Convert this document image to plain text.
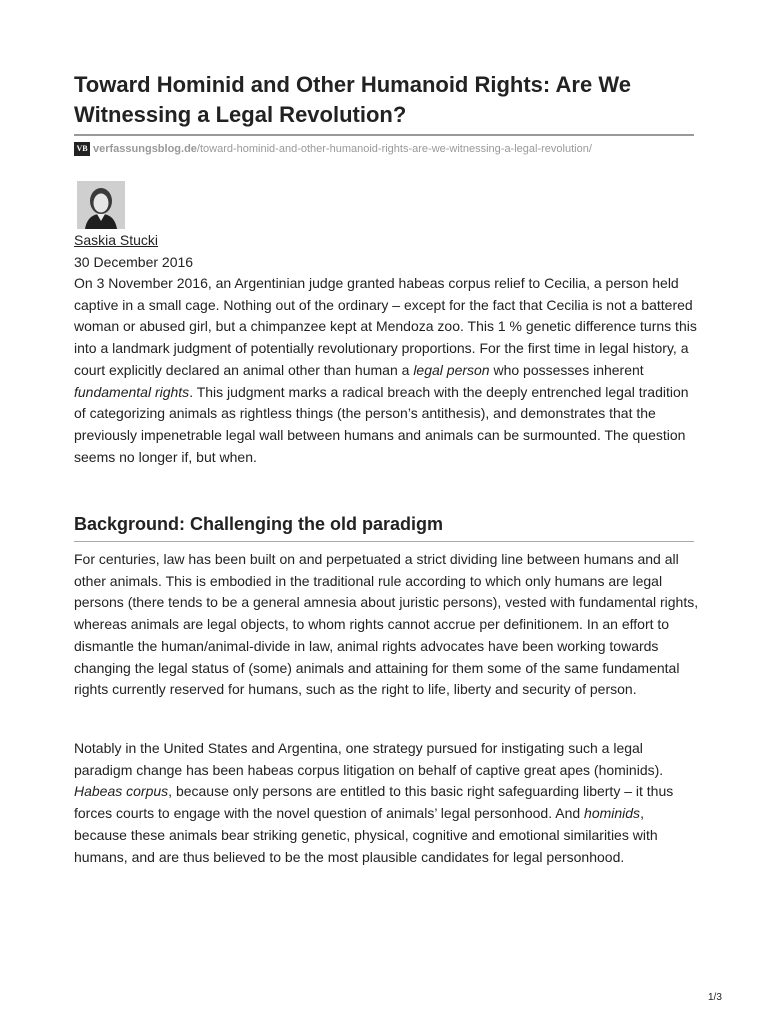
Toward Hominid and Other Humanoid Rights: Are We Witnessing a Legal Revolution?
VB verfassungsblog.de /toward-hominid-and-other-humanoid-rights-are-we-witnessing-a-legal-revolution/
Saskia Stucki
30 December 2016

On 3 November 2016, an Argentinian judge granted habeas corpus relief to Cecilia, a person held captive in a small cage. Nothing out of the ordinary – except for the fact that Cecilia is not a battered woman or abused girl, but a chimpanzee kept at Mendoza zoo. This 1 % genetic difference turns this into a landmark judgment of potentially revolutionary proportions. For the first time in legal history, a court explicitly declared an animal other than human a legal person who possesses inherent fundamental rights. This judgment marks a radical breach with the deeply entrenched legal tradition of categorizing animals as rightless things (the person’s antithesis), and demonstrates that the previously impenetrable legal wall between humans and animals can be surmounted. The question seems no longer if, but when.

Background: Challenging the old paradigm

For centuries, law has been built on and perpetuated a strict dividing line between humans and all other animals. This is embodied in the traditional rule according to which only humans are legal persons (there tends to be a general amnesia about juristic persons), vested with fundamental rights, whereas animals are legal objects, to whom rights cannot accrue per definitionem. In an effort to dismantle the human/animal-divide in law, animal rights advocates have been working towards changing the legal status of (some) animals and attaining for them some of the same fundamental rights currently reserved for humans, such as the right to life, liberty and security of person.

Notably in the United States and Argentina, one strategy pursued for instigating such a legal paradigm change has been habeas corpus litigation on behalf of captive great apes (hominids). Habeas corpus, because only persons are entitled to this basic right safeguarding liberty – it thus forces courts to engage with the novel question of animals’ legal personhood. And hominids, because these animals bear striking genetic, physical, cognitive and emotional similarities with humans, and are thus believed to be the most plausible candidates for legal personhood.

1/3
